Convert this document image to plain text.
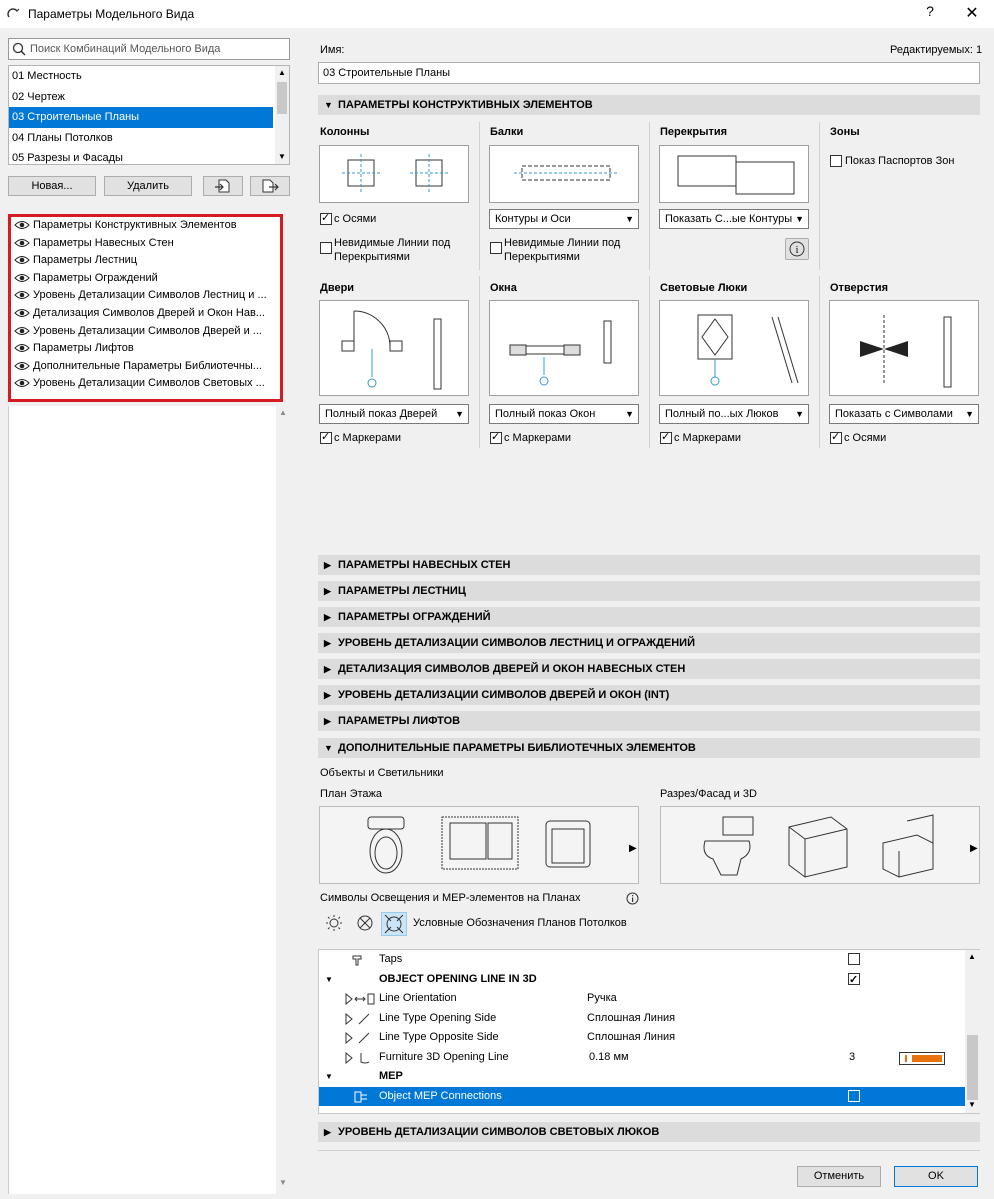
Параметры Модельного Вида	?	✕
Поиск Комбинаций Модельного Вида
01 Местность
02 Чертеж
03 Строительные Планы
04 Планы Потолков
05 Разрезы и Фасады
▲
▼
Новая...	Удалить
Параметры Конструктивных Элементов
Параметры Навесных Стен
Параметры Лестниц
Параметры Ограждений
Уровень Детализации Символов Лестниц и ...
Детализация Символов Дверей и Окон Нав...
Уровень Детализации Символов Дверей и ...
Параметры Лифтов
Дополнительные Параметры Библиотечны...
Уровень Детализации Символов Световых ...
▲
▼
Имя:	Редактируемых: 1
03 Строительные Планы
▼ ПАРАМЕТРЫ КОНСТРУКТИВНЫХ ЭЛЕМЕНТОВ
Колонны	Балки	Перекрытия	Зоны
✓
с Осями
Невидимые Линии под Перекрытиями
Контуры и Оси	▼
Невидимые Линии под Перекрытиями
Показать С...ые Контуры ▼
i
Показ Паспортов Зон
Двери	Окна	Световые Люки	Отверстия
Полный показ Дверей ▼	Полный показ Окон	▼	Полный по...ых Люков ▼	Показать с Символами ▼
✓
с Маркерами ✓	с Маркерами ✓	с Маркерами ✓	с Осями
▶ ПАРАМЕТРЫ НАВЕСНЫХ СТЕН
▶ ПАРАМЕТРЫ ЛЕСТНИЦ
▶ ПАРАМЕТРЫ ОГРАЖДЕНИЙ
▶ УРОВЕНЬ ДЕТАЛИЗАЦИИ СИМВОЛОВ ЛЕСТНИЦ И ОГРАЖДЕНИЙ
▶ ДЕТАЛИЗАЦИЯ СИМВОЛОВ ДВЕРЕЙ И ОКОН НАВЕСНЫХ СТЕН
▶ УРОВЕНЬ ДЕТАЛИЗАЦИИ СИМВОЛОВ ДВЕРЕЙ И ОКОН (INT)
▶ ПАРАМЕТРЫ ЛИФТОВ
▼ ДОПОЛНИТЕЛЬНЫЕ ПАРАМЕТРЫ БИБЛИОТЕЧНЫХ ЭЛЕМЕНТОВ
Объекты и Светильники
План Этажа	Разрез/Фасад и 3D
▶	▶
Символы Освещения и МЕР-элементов на Планах
Условные Обозначения Планов Потолков
Taps
▼	OBJECT OPENING LINE IN 3D
✓
Line Orientation	Ручка
Line Type Opening Side	Сплошная Линия
Line Type Opposite Side	Сплошная Линия
Furniture 3D Opening Line	0.18 мм	3
▼	MEP
Object MEP Connections
▲
▼
▶ УРОВЕНЬ ДЕТАЛИЗАЦИИ СИМВОЛОВ СВЕТОВЫХ ЛЮКОВ
Отменить	OK
